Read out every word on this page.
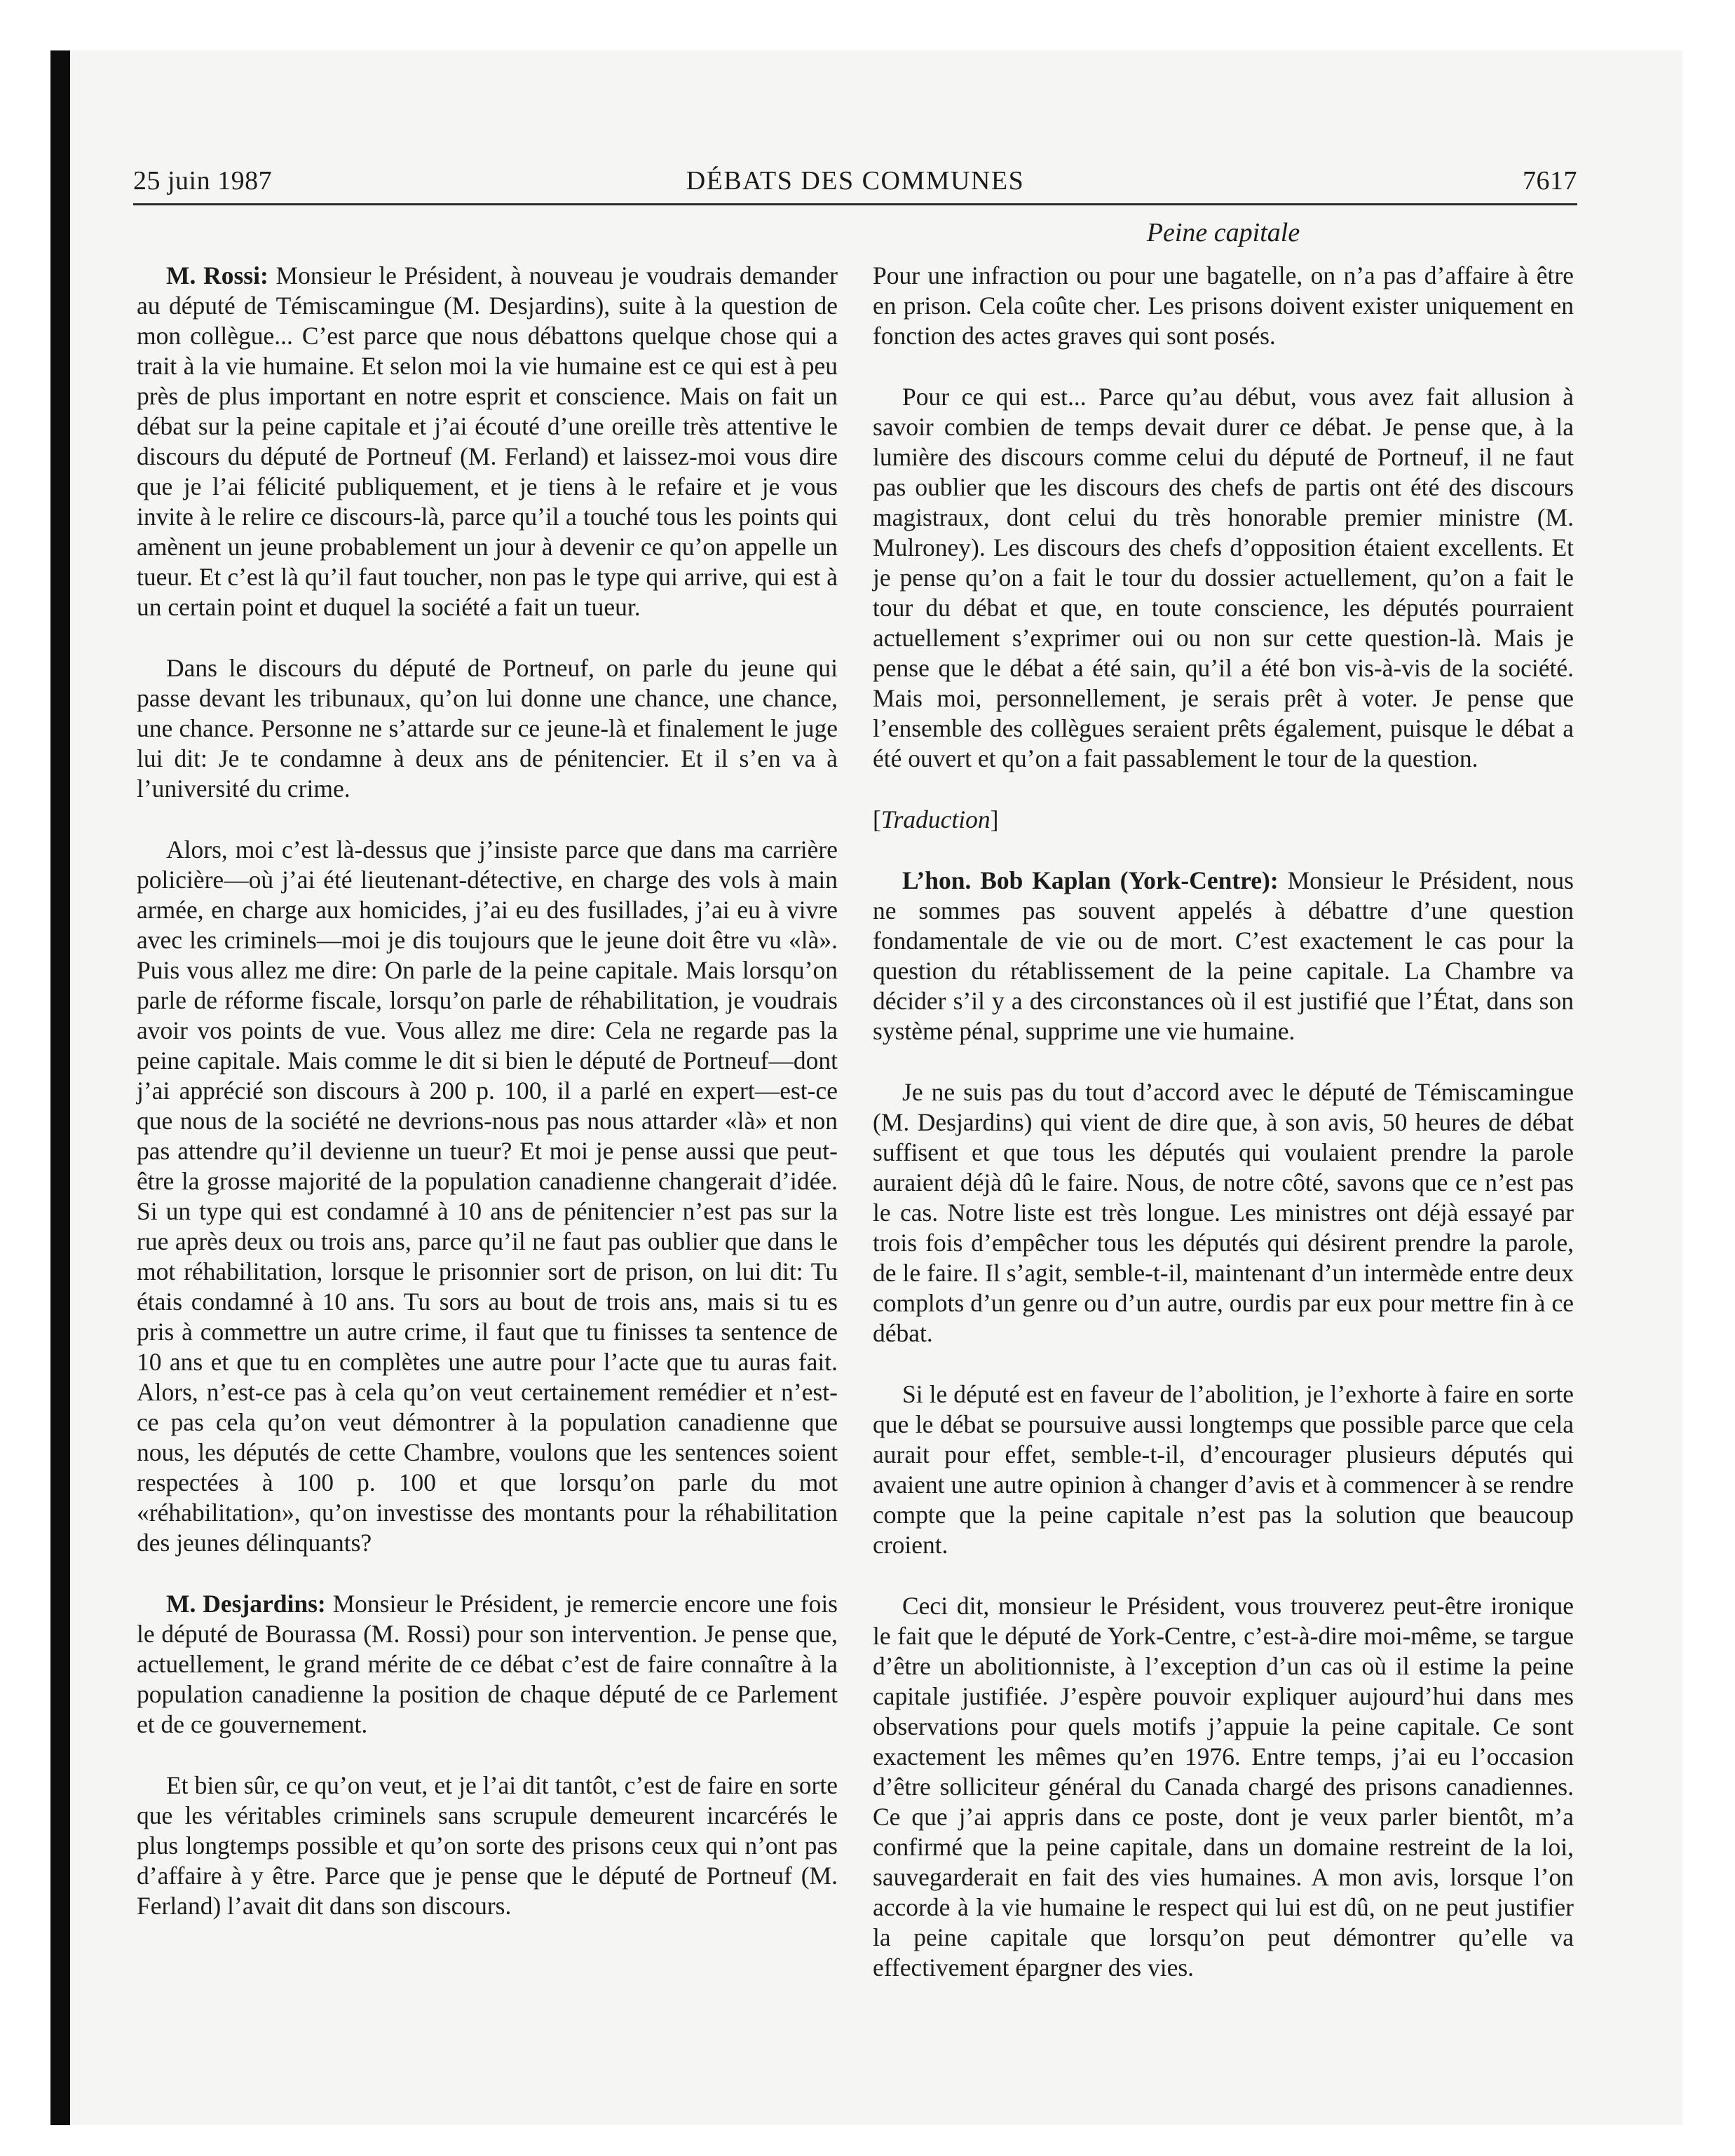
25 juin 1987	DÉBATS DES COMMUNES	7617
Peine capitale

M. Rossi: Monsieur le Président, à nouveau je voudrais demander au député de Témiscamingue (M. Desjardins), suite à la question de mon collègue... C’est parce que nous débattons quelque chose qui a trait à la vie humaine. Et selon moi la vie humaine est ce qui est à peu près de plus important en notre esprit et conscience. Mais on fait un débat sur la peine capitale et j’ai écouté d’une oreille très attentive le discours du député de Portneuf (M. Ferland) et laissez-moi vous dire que je l’ai félicité publiquement, et je tiens à le refaire et je vous invite à le relire ce discours-là, parce qu’il a touché tous les points qui amènent un jeune probablement un jour à devenir ce qu’on appelle un tueur. Et c’est là qu’il faut toucher, non pas le type qui arrive, qui est à un certain point et duquel la société a fait un tueur.

Dans le discours du député de Portneuf, on parle du jeune qui passe devant les tribunaux, qu’on lui donne une chance, une chance, une chance. Personne ne s’attarde sur ce jeune-là et finalement le juge lui dit: Je te condamne à deux ans de pénitencier. Et il s’en va à l’université du crime.

Alors, moi c’est là-dessus que j’insiste parce que dans ma carrière policière—où j’ai été lieutenant-détective, en charge des vols à main armée, en charge aux homicides, j’ai eu des fusillades, j’ai eu à vivre avec les criminels—moi je dis toujours que le jeune doit être vu «là». Puis vous allez me dire: On parle de la peine capitale. Mais lorsqu’on parle de réforme fiscale, lorsqu’on parle de réhabilitation, je voudrais avoir vos points de vue. Vous allez me dire: Cela ne regarde pas la peine capitale. Mais comme le dit si bien le député de Portneuf—dont j’ai apprécié son discours à 200 p. 100, il a parlé en expert—est-ce que nous de la société ne devrions-nous pas nous attarder «là» et non pas attendre qu’il devienne un tueur? Et moi je pense aussi que peut-être la grosse majorité de la population canadienne changerait d’idée. Si un type qui est condamné à 10 ans de pénitencier n’est pas sur la rue après deux ou trois ans, parce qu’il ne faut pas oublier que dans le mot réhabilitation, lorsque le prisonnier sort de prison, on lui dit: Tu étais condamné à 10 ans. Tu sors au bout de trois ans, mais si tu es pris à commettre un autre crime, il faut que tu finisses ta sentence de 10 ans et que tu en complètes une autre pour l’acte que tu auras fait. Alors, n’est-ce pas à cela qu’on veut certainement remédier et n’est-ce pas cela qu’on veut démontrer à la population canadienne que nous, les députés de cette Chambre, voulons que les sentences soient respectées à 100 p. 100 et que lorsqu’on parle du mot «réhabilitation», qu’on investisse des montants pour la réhabilitation des jeunes délinquants?

M. Desjardins: Monsieur le Président, je remercie encore une fois le député de Bourassa (M. Rossi) pour son intervention. Je pense que, actuellement, le grand mérite de ce débat c’est de faire connaître à la population canadienne la position de chaque député de ce Parlement et de ce gouvernement.

Et bien sûr, ce qu’on veut, et je l’ai dit tantôt, c’est de faire en sorte que les véritables criminels sans scrupule demeurent incarcérés le plus longtemps possible et qu’on sorte des prisons ceux qui n’ont pas d’affaire à y être. Parce que je pense que le député de Portneuf (M. Ferland) l’avait dit dans son discours.

Pour une infraction ou pour une bagatelle, on n’a pas d’affaire à être en prison. Cela coûte cher. Les prisons doivent exister uniquement en fonction des actes graves qui sont posés.

Pour ce qui est... Parce qu’au début, vous avez fait allusion à savoir combien de temps devait durer ce débat. Je pense que, à la lumière des discours comme celui du député de Portneuf, il ne faut pas oublier que les discours des chefs de partis ont été des discours magistraux, dont celui du très honorable premier ministre (M. Mulroney). Les discours des chefs d’opposition étaient excellents. Et je pense qu’on a fait le tour du dossier actuellement, qu’on a fait le tour du débat et que, en toute conscience, les députés pourraient actuellement s’exprimer oui ou non sur cette question-là. Mais je pense que le débat a été sain, qu’il a été bon vis-à-vis de la société. Mais moi, personnellement, je serais prêt à voter. Je pense que l’ensemble des collègues seraient prêts également, puisque le débat a été ouvert et qu’on a fait passablement le tour de la question.

[Traduction]

L’hon. Bob Kaplan (York-Centre): Monsieur le Président, nous ne sommes pas souvent appelés à débattre d’une question fondamentale de vie ou de mort. C’est exactement le cas pour la question du rétablissement de la peine capitale. La Chambre va décider s’il y a des circonstances où il est justifié que l’État, dans son système pénal, supprime une vie humaine.

Je ne suis pas du tout d’accord avec le député de Témiscamingue (M. Desjardins) qui vient de dire que, à son avis, 50 heures de débat suffisent et que tous les députés qui voulaient prendre la parole auraient déjà dû le faire. Nous, de notre côté, savons que ce n’est pas le cas. Notre liste est très longue. Les ministres ont déjà essayé par trois fois d’empêcher tous les députés qui désirent prendre la parole, de le faire. Il s’agit, semble-t-il, maintenant d’un intermède entre deux complots d’un genre ou d’un autre, ourdis par eux pour mettre fin à ce débat.

Si le député est en faveur de l’abolition, je l’exhorte à faire en sorte que le débat se poursuive aussi longtemps que possible parce que cela aurait pour effet, semble-t-il, d’encourager plusieurs députés qui avaient une autre opinion à changer d’avis et à commencer à se rendre compte que la peine capitale n’est pas la solution que beaucoup croient.

Ceci dit, monsieur le Président, vous trouverez peut-être ironique le fait que le député de York-Centre, c’est-à-dire moi-même, se targue d’être un abolitionniste, à l’exception d’un cas où il estime la peine capitale justifiée. J’espère pouvoir expliquer aujourd’hui dans mes observations pour quels motifs j’appuie la peine capitale. Ce sont exactement les mêmes qu’en 1976. Entre temps, j’ai eu l’occasion d’être solliciteur général du Canada chargé des prisons canadiennes. Ce que j’ai appris dans ce poste, dont je veux parler bientôt, m’a confirmé que la peine capitale, dans un domaine restreint de la loi, sauvegarderait en fait des vies humaines. A mon avis, lorsque l’on accorde à la vie humaine le respect qui lui est dû, on ne peut justifier la peine capitale que lorsqu’on peut démontrer qu’elle va effectivement épargner des vies.
